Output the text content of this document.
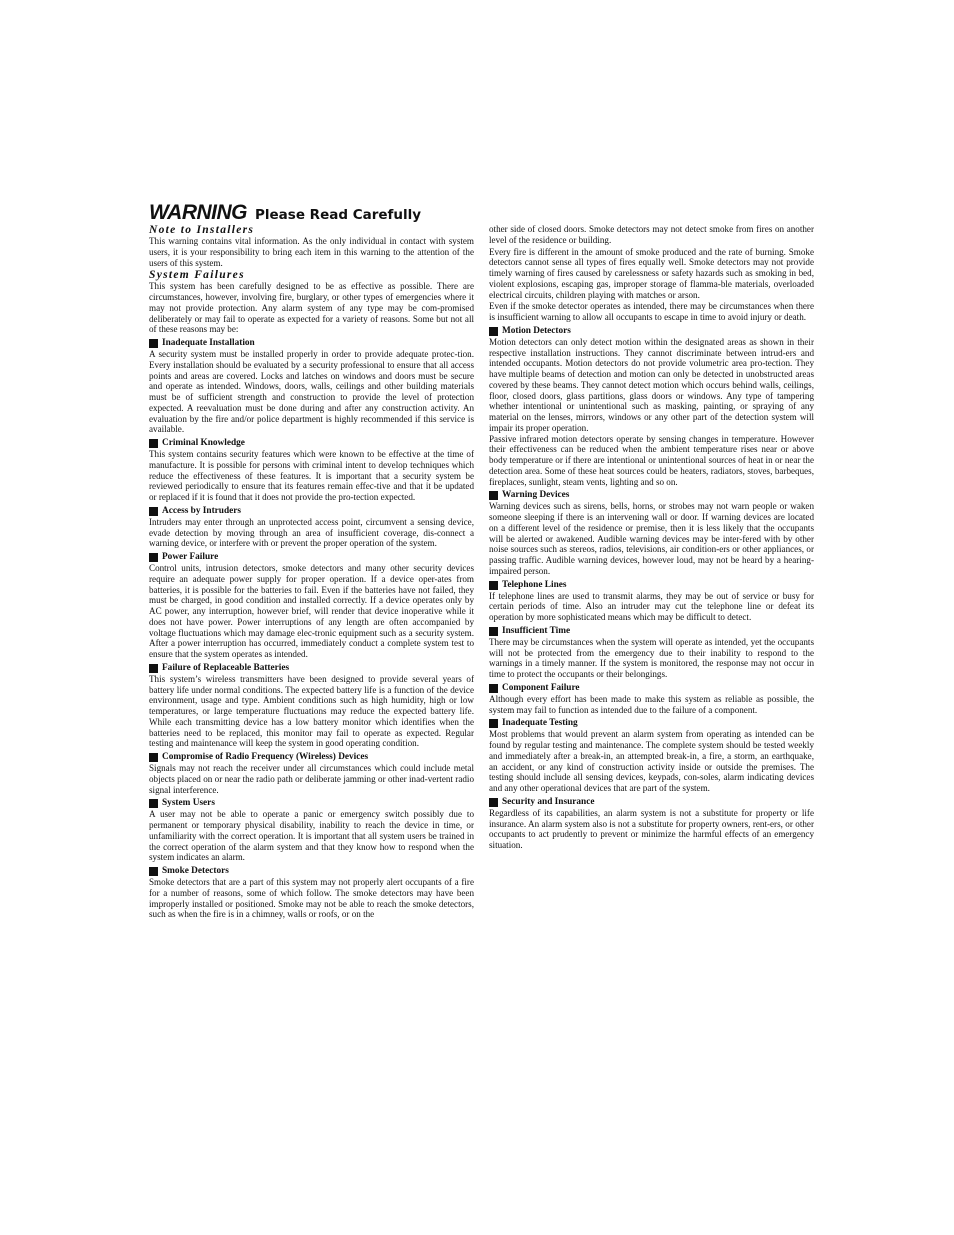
WARNING Please Read Carefully
Note to Installers

This warning contains vital information. As the only individual in contact with system users, it is your responsibility to bring each item in this warning to the attention of the users of this system.

System Failures

This system has been carefully designed to be as effective as possible. There are circumstances, however, involving fire, burglary, or other types of emergencies where it may not provide protection. Any alarm system of any type may be com-promised deliberately or may fail to operate as expected for a variety of reasons. Some but not all of these reasons may be:

Inadequate Installation

A security system must be installed properly in order to provide adequate protec-tion. Every installation should be evaluated by a security professional to ensure that all access points and areas are covered. Locks and latches on windows and doors must be secure and operate as intended. Windows, doors, walls, ceilings and other building materials must be of sufficient strength and construction to provide the level of protection expected. A reevaluation must be done during and after any construction activity. An evaluation by the fire and/or police department is highly recommended if this service is available.

Criminal Knowledge

This system contains security features which were known to be effective at the time of manufacture. It is possible for persons with criminal intent to develop techniques which reduce the effectiveness of these features. It is important that a security system be reviewed periodically to ensure that its features remain effec-tive and that it be updated or replaced if it is found that it does not provide the pro-tection expected.

Access by Intruders

Intruders may enter through an unprotected access point, circumvent a sensing device, evade detection by moving through an area of insufficient coverage, dis-connect a warning device, or interfere with or prevent the proper operation of the system.

Power Failure

Control units, intrusion detectors, smoke detectors and many other security devices require an adequate power supply for proper operation. If a device oper-ates from batteries, it is possible for the batteries to fail. Even if the batteries have not failed, they must be charged, in good condition and installed correctly. If a device operates only by AC power, any interruption, however brief, will render that device inoperative while it does not have power. Power interruptions of any length are often accompanied by voltage fluctuations which may damage elec-tronic equipment such as a security system. After a power interruption has occurred, immediately conduct a complete system test to ensure that the system operates as intended.

Failure of Replaceable Batteries

This system’s wireless transmitters have been designed to provide several years of battery life under normal conditions. The expected battery life is a function of the device environment, usage and type. Ambient conditions such as high humidity, high or low temperatures, or large temperature fluctuations may reduce the expected battery life. While each transmitting device has a low battery monitor which identifies when the batteries need to be replaced, this monitor may fail to operate as expected. Regular testing and maintenance will keep the system in good operating condition.

Compromise of Radio Frequency (Wireless) Devices

Signals may not reach the receiver under all circumstances which could include metal objects placed on or near the radio path or deliberate jamming or other inad-vertent radio signal interference.

System Users

A user may not be able to operate a panic or emergency switch possibly due to permanent or temporary physical disability, inability to reach the device in time, or unfamiliarity with the correct operation. It is important that all system users be trained in the correct operation of the alarm system and that they know how to respond when the system indicates an alarm.

Smoke Detectors

Smoke detectors that are a part of this system may not properly alert occupants of a fire for a number of reasons, some of which follow. The smoke detectors may have been improperly installed or positioned. Smoke may not be able to reach the smoke detectors, such as when the fire is in a chimney, walls or roofs, or on the

other side of closed doors. Smoke detectors may not detect smoke from fires on another level of the residence or building.

Every fire is different in the amount of smoke produced and the rate of burning. Smoke detectors cannot sense all types of fires equally well. Smoke detectors may not provide timely warning of fires caused by carelessness or safety hazards such as smoking in bed, violent explosions, escaping gas, improper storage of flamma-ble materials, overloaded electrical circuits, children playing with matches or arson.

Even if the smoke detector operates as intended, there may be circumstances when there is insufficient warning to allow all occupants to escape in time to avoid injury or death.

Motion Detectors

Motion detectors can only detect motion within the designated areas as shown in their respective installation instructions. They cannot discriminate between intrud-ers and intended occupants. Motion detectors do not provide volumetric area pro-tection. They have multiple beams of detection and motion can only be detected in unobstructed areas covered by these beams. They cannot detect motion which occurs behind walls, ceilings, floor, closed doors, glass partitions, glass doors or windows. Any type of tampering whether intentional or unintentional such as masking, painting, or spraying of any material on the lenses, mirrors, windows or any other part of the detection system will impair its proper operation.

Passive infrared motion detectors operate by sensing changes in temperature. However their effectiveness can be reduced when the ambient temperature rises near or above body temperature or if there are intentional or unintentional sources of heat in or near the detection area. Some of these heat sources could be heaters, radiators, stoves, barbeques, fireplaces, sunlight, steam vents, lighting and so on.

Warning Devices

Warning devices such as sirens, bells, horns, or strobes may not warn people or waken someone sleeping if there is an intervening wall or door. If warning devices are located on a different level of the residence or premise, then it is less likely that the occupants will be alerted or awakened. Audible warning devices may be inter-fered with by other noise sources such as stereos, radios, televisions, air condition-ers or other appliances, or passing traffic. Audible warning devices, however loud, may not be heard by a hearing-impaired person.

Telephone Lines

If telephone lines are used to transmit alarms, they may be out of service or busy for certain periods of time. Also an intruder may cut the telephone line or defeat its operation by more sophisticated means which may be difficult to detect.

Insufficient Time

There may be circumstances when the system will operate as intended, yet the occupants will not be protected from the emergency due to their inability to respond to the warnings in a timely manner. If the system is monitored, the response may not occur in time to protect the occupants or their belongings.

Component Failure

Although every effort has been made to make this system as reliable as possible, the system may fail to function as intended due to the failure of a component.

Inadequate Testing

Most problems that would prevent an alarm system from operating as intended can be found by regular testing and maintenance. The complete system should be tested weekly and immediately after a break-in, an attempted break-in, a fire, a storm, an earthquake, an accident, or any kind of construction activity inside or outside the premises. The testing should include all sensing devices, keypads, con-soles, alarm indicating devices and any other operational devices that are part of the system.

Security and Insurance

Regardless of its capabilities, an alarm system is not a substitute for property or life insurance. An alarm system also is not a substitute for property owners, rent-ers, or other occupants to act prudently to prevent or minimize the harmful effects of an emergency situation.
